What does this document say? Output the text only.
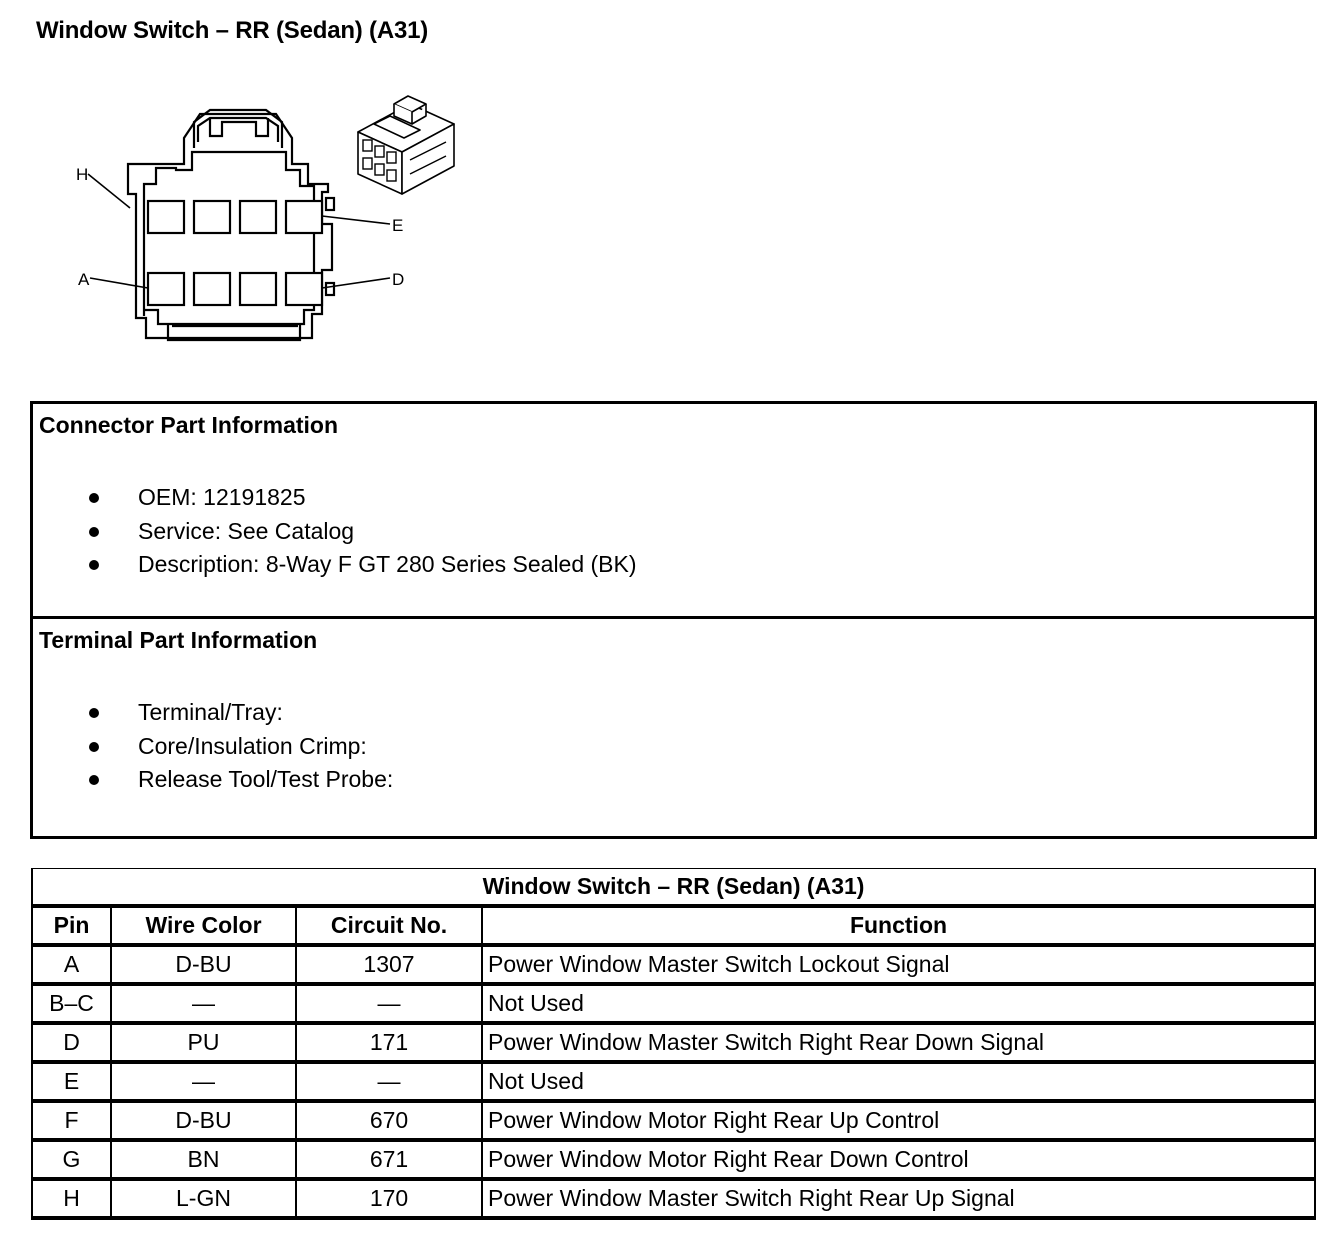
Window Switch – RR (Sedan) (A31)
H
E
A	D
Connector Part Information
OEM: 12191825
Service: See Catalog
Description: 8-Way F GT 280 Series Sealed (BK)
Terminal Part Information
Terminal/Tray:
Core/Insulation Crimp:
Release Tool/Test Probe:
Window Switch – RR (Sedan) (A31)			
Pin	Wire Color	Circuit No.	Function
A	D-BU	1307	Power Window Master Switch Lockout Signal
B–C	—	—	Not Used
D	PU	171	Power Window Master Switch Right Rear Down Signal
E	—	—	Not Used
F	D-BU	670	Power Window Motor Right Rear Up Control
G	BN	671	Power Window Motor Right Rear Down Control
H	L-GN	170	Power Window Master Switch Right Rear Up Signal
